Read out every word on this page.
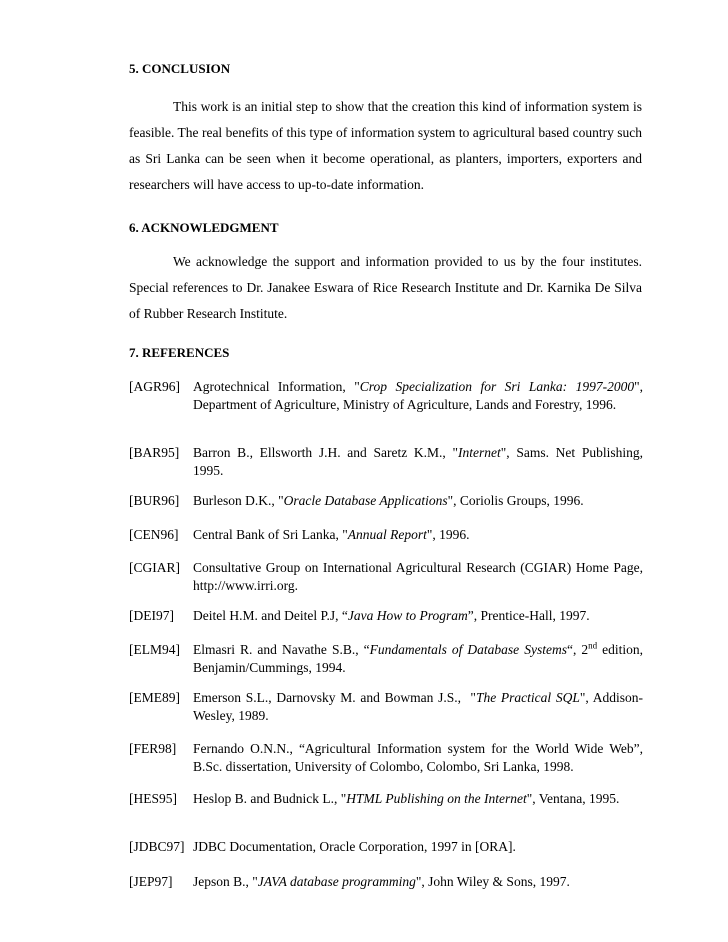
5. CONCLUSION
This work is an initial step to show that the creation this kind of information system is feasible. The real benefits of this type of information system to agricultural based country such as Sri Lanka can be seen when it become operational, as planters, importers, exporters and researchers will have access to up-to-date information.
6. ACKNOWLEDGMENT
We acknowledge the support and information provided to us by the four institutes. Special references to Dr. Janakee Eswara of Rice Research Institute and Dr. Karnika De Silva of Rubber Research Institute.
7. REFERENCES
[AGR96] Agrotechnical Information, "Crop Specialization for Sri Lanka: 1997-2000", Department of Agriculture, Ministry of Agriculture, Lands and Forestry, 1996.
[BAR95] Barron B., Ellsworth J.H. and Saretz K.M., "Internet", Sams. Net Publishing, 1995.
[BUR96] Burleson D.K., "Oracle Database Applications", Coriolis Groups, 1996.
[CEN96] Central Bank of Sri Lanka, "Annual Report", 1996.
[CGIAR] Consultative Group on International Agricultural Research (CGIAR) Home Page, http://www.irri.org.
[DEI97] Deitel H.M. and Deitel P.J, “Java How to Program”, Prentice-Hall, 1997.
[ELM94] Elmasri R. and Navathe S.B., “Fundamentals of Database Systems“, 2nd edition, Benjamin/Cummings, 1994.
[EME89] Emerson S.L., Darnovsky M. and Bowman J.S.,  "The Practical SQL", Addison-Wesley, 1989.
[FER98] Fernando O.N.N., “Agricultural Information system for the World Wide Web”, B.Sc. dissertation, University of Colombo, Colombo, Sri Lanka, 1998.
[HES95] Heslop B. and Budnick L., "HTML Publishing on the Internet", Ventana, 1995.
[JDBC97] JDBC Documentation, Oracle Corporation, 1997 in [ORA].
[JEP97] Jepson B., "JAVA database programming", John Wiley & Sons, 1997.
